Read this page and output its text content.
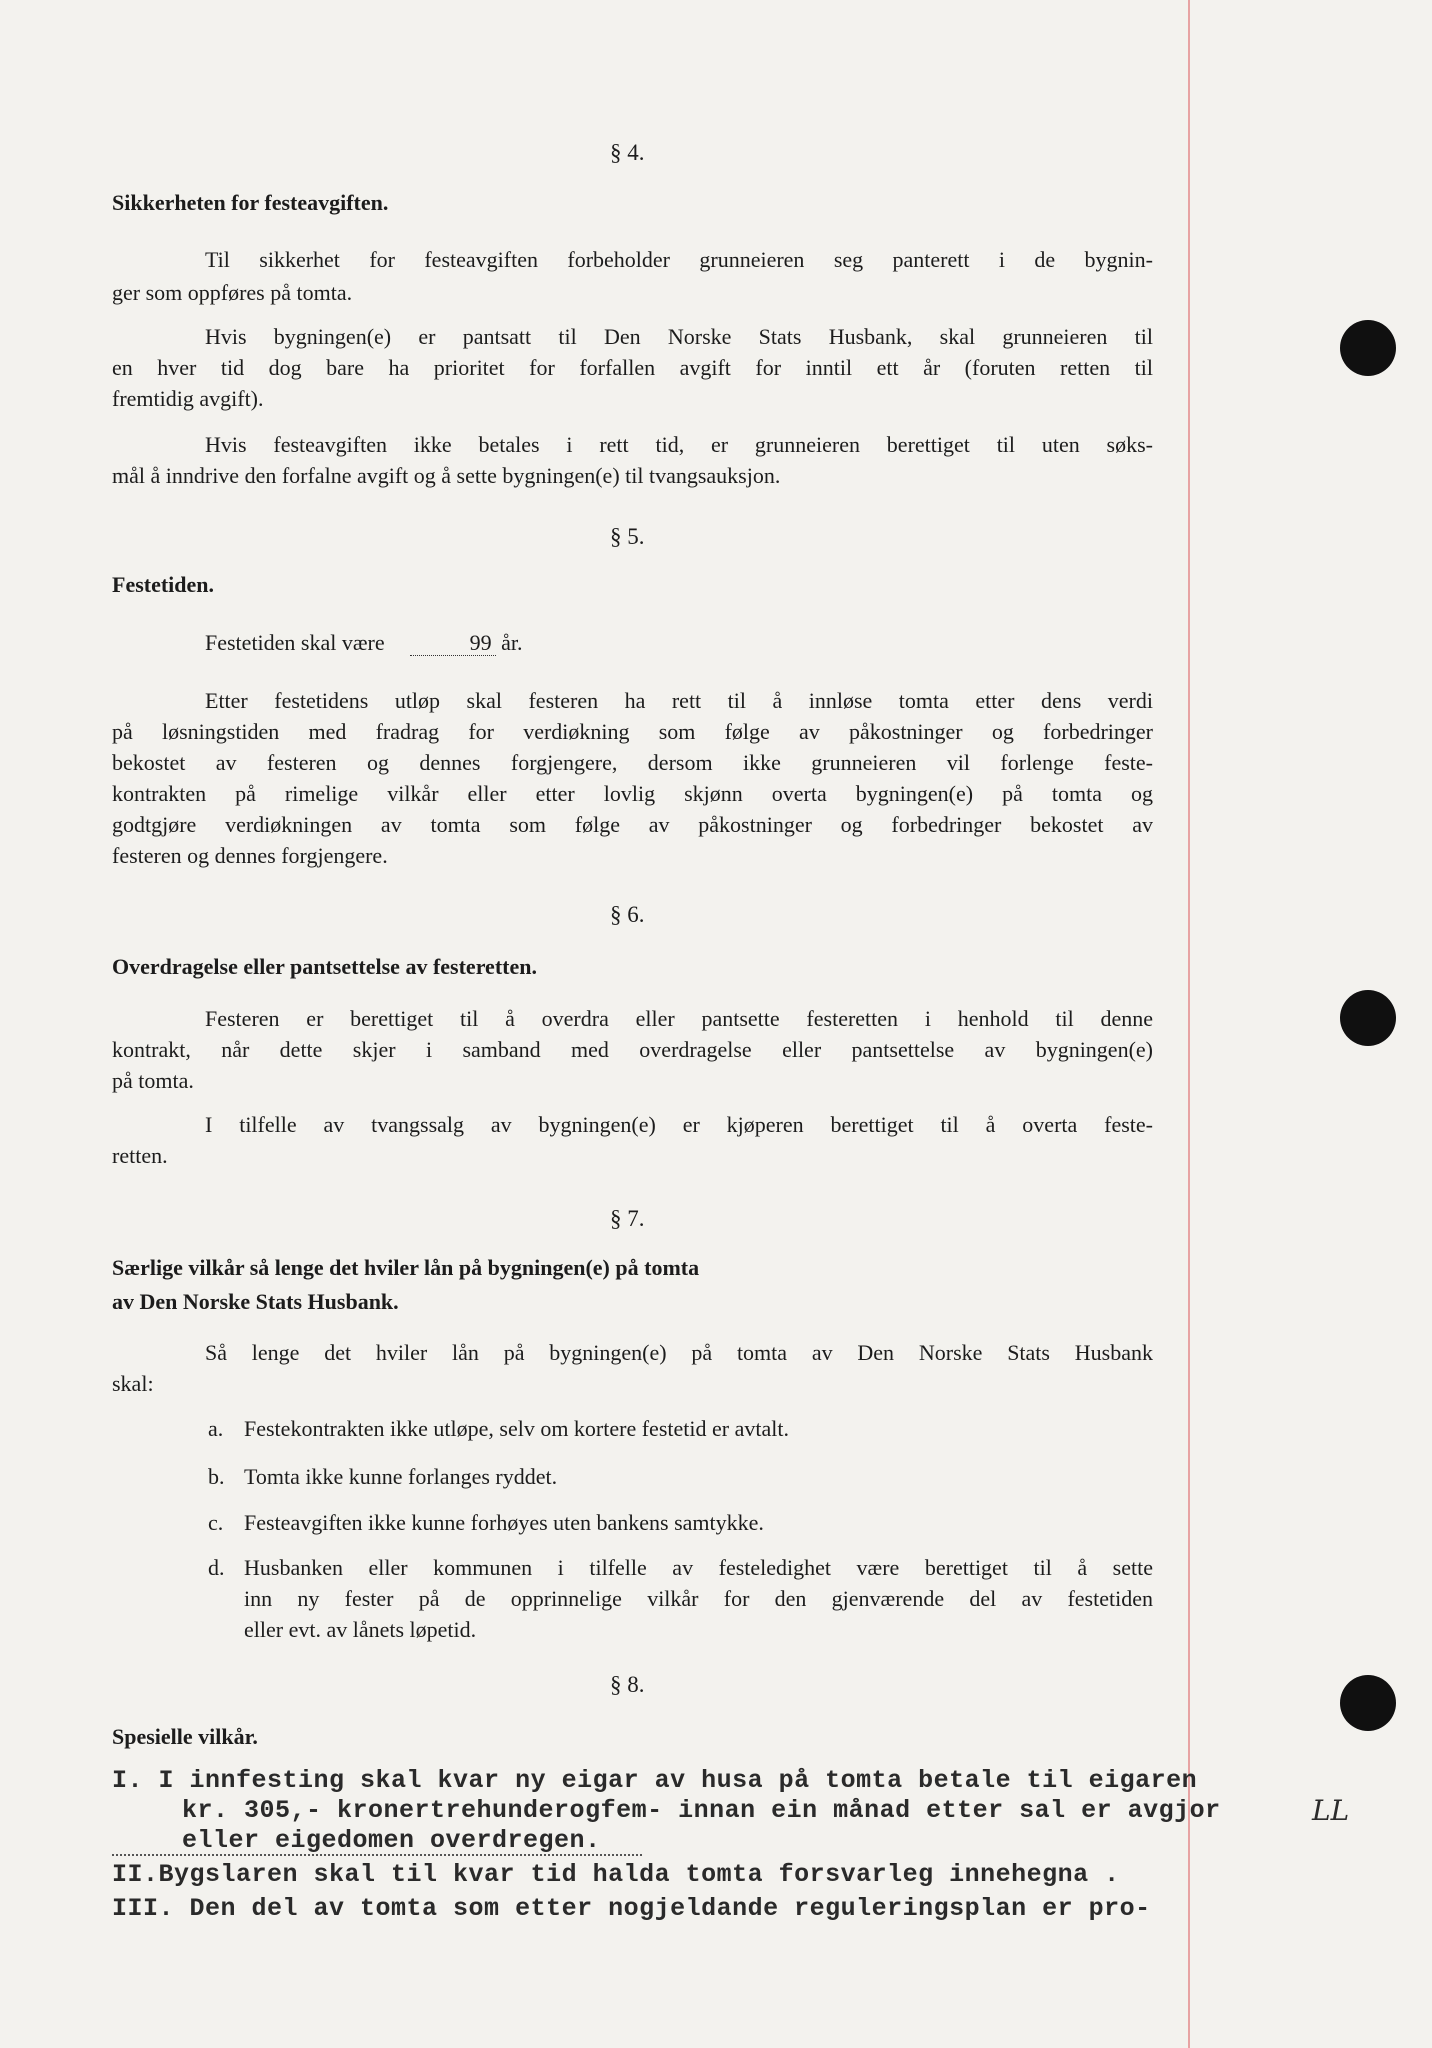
§ 4.
Sikkerheten for festeavgiften.
Til sikkerhet for festeavgiften forbeholder grunneieren seg panterett i de bygnin-
ger som oppføres på tomta.
Hvis bygningen(e) er pantsatt til Den Norske Stats Husbank, skal grunneieren til
en hver tid dog bare ha prioritet for forfallen avgift for inntil ett år (foruten retten til
fremtidig avgift).
Hvis festeavgiften ikke betales i rett tid, er grunneieren berettiget til uten søks-
mål å inndrive den forfalne avgift og å sette bygningen(e) til tvangsauksjon.
§ 5.
Festetiden.
Festetiden skal være	99 år.
Etter festetidens utløp skal festeren ha rett til å innløse tomta etter dens verdi
på løsningstiden med fradrag for verdiøkning som følge av påkostninger og forbedringer
bekostet av festeren og dennes forgjengere, dersom ikke grunneieren vil forlenge feste-
kontrakten på rimelige vilkår eller etter lovlig skjønn overta bygningen(e) på tomta og
godtgjøre verdiøkningen av tomta som følge av påkostninger og forbedringer bekostet av
festeren og dennes forgjengere.
§ 6.
Overdragelse eller pantsettelse av festeretten.
Festeren er berettiget til å overdra eller pantsette festeretten i henhold til denne
kontrakt, når dette skjer i samband med overdragelse eller pantsettelse av bygningen(e)
på tomta.
I tilfelle av tvangssalg av bygningen(e) er kjøperen berettiget til å overta feste-
retten.
§ 7.
Særlige vilkår så lenge det hviler lån på bygningen(e) på tomta
av Den Norske Stats Husbank.
Så lenge det hviler lån på bygningen(e) på tomta av Den Norske Stats Husbank
skal:
a. Festekontrakten ikke utløpe, selv om kortere festetid er avtalt.
b. Tomta ikke kunne forlanges ryddet.
c. Festeavgiften ikke kunne forhøyes uten bankens samtykke.
d. Husbanken eller kommunen i tilfelle av festeledighet være berettiget til å sette
inn ny fester på de opprinnelige vilkår for den gjenværende del av festetiden
eller evt. av lånets løpetid.
§ 8.
Spesielle vilkår.
I. I innfesting skal kvar ny eigar av husa på tomta betale til eigaren
kr. 305,- kronertrehunderogfem- innan ein månad etter sal er avgjor	LL
eller eigedomen overdregen.
II.Bygslaren skal til kvar tid halda tomta forsvarleg innehegna .
III. Den del av tomta som etter nogjeldande reguleringsplan er pro-
